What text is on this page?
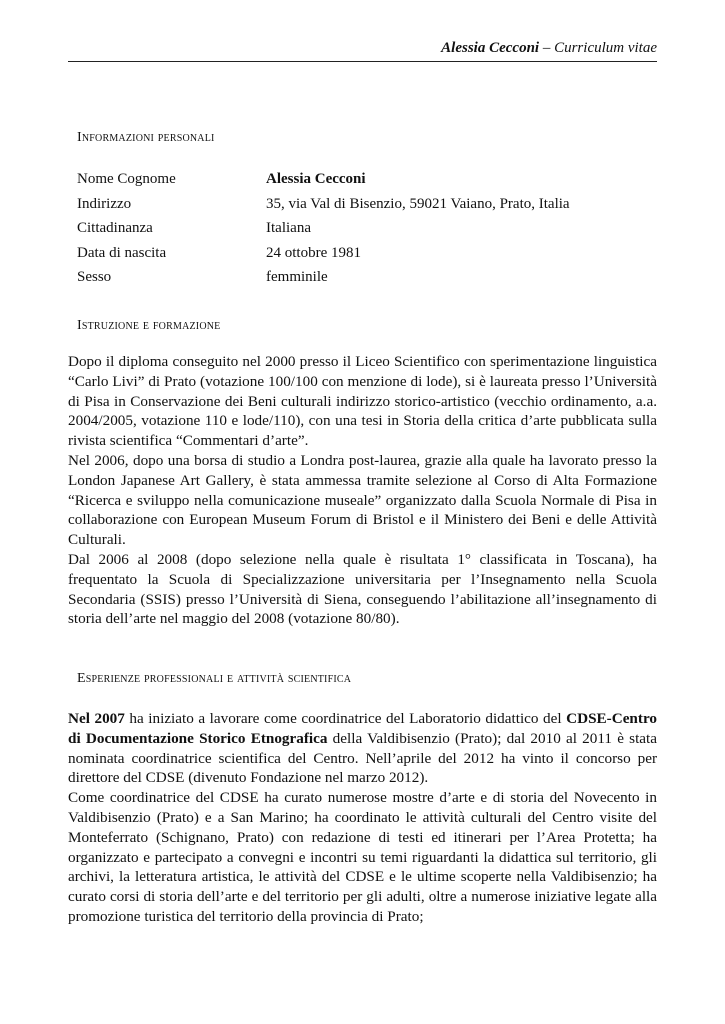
Alessia Cecconi – Curriculum vitae
Informazioni personali
Nome Cognome	Alessia Cecconi
Indirizzo	35, via Val di Bisenzio, 59021 Vaiano, Prato, Italia
Cittadinanza	Italiana
Data di nascita	24 ottobre 1981
Sesso	femminile
Istruzione e formazione

Dopo il diploma conseguito nel 2000 presso il Liceo Scientifico con sperimentazione linguistica “Carlo Livi” di Prato (votazione 100/100 con menzione di lode), si è laureata presso l’Università di Pisa in Conservazione dei Beni culturali indirizzo storico-artistico (vecchio ordinamento, a.a. 2004/2005, votazione 110 e lode/110), con una tesi in Storia della critica d’arte pubblicata sulla rivista scientifica “Commentari d’arte”.

Nel 2006, dopo una borsa di studio a Londra post-laurea, grazie alla quale ha lavorato presso la London Japanese Art Gallery, è stata ammessa tramite selezione al Corso di Alta Formazione “Ricerca e sviluppo nella comunicazione museale” organizzato dalla Scuola Normale di Pisa in collaborazione con European Museum Forum di Bristol e il Ministero dei Beni e delle Attività Culturali.

Dal 2006 al 2008 (dopo selezione nella quale è risultata 1° classificata in Toscana), ha frequentato la Scuola di Specializzazione universitaria per l’Insegnamento nella Scuola Secondaria (SSIS) presso l’Università di Siena, conseguendo l’abilitazione all’insegnamento di storia dell’arte nel maggio del 2008 (votazione 80/80).

Esperienze professionali e attività scientifica

Nel 2007 ha iniziato a lavorare come coordinatrice del Laboratorio didattico del CDSE-Centro di Documentazione Storico Etnografica della Valdibisenzio (Prato); dal 2010 al 2011 è stata nominata coordinatrice scientifica del Centro. Nell’aprile del 2012 ha vinto il concorso per direttore del CDSE (divenuto Fondazione nel marzo 2012).

Come coordinatrice del CDSE ha curato numerose mostre d’arte e di storia del Novecento in Valdibisenzio (Prato) e a San Marino; ha coordinato le attività culturali del Centro visite del Monteferrato (Schignano, Prato) con redazione di testi ed itinerari per l’Area Protetta; ha organizzato e partecipato a convegni e incontri su temi riguardanti la didattica sul territorio, gli archivi, la letteratura artistica, le attività del CDSE e le ultime scoperte nella Valdibisenzio; ha curato corsi di storia dell’arte e del territorio per gli adulti, oltre a numerose iniziative legate alla promozione turistica del territorio della provincia di Prato;
